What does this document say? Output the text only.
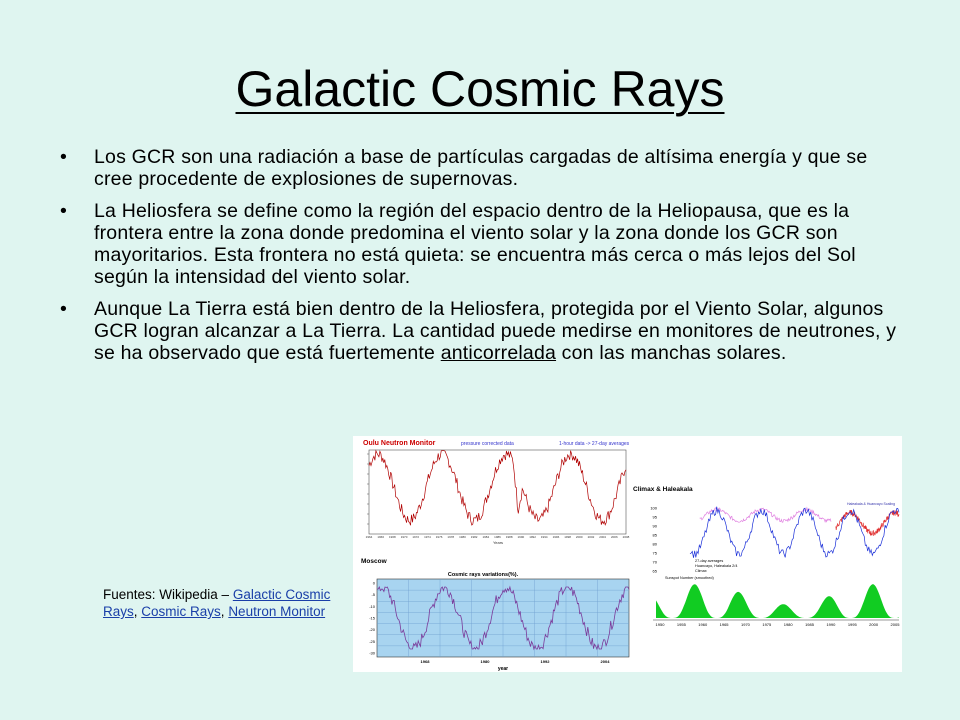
Galactic Cosmic Rays
• Los GCR son una radiación a base de partículas cargadas de altísima energía y que se cree procedente de explosiones de supernovas.
• La Heliosfera se define como la región del espacio dentro de la Heliopausa, que es la frontera entre la zona donde predomina el viento solar y la zona donde los GCR son mayoritarios. Esta frontera no está quieta: se encuentra más cerca o más lejos del Sol según la intensidad del viento solar.
• Aunque La Tierra está bien dentro de la Heliosfera, protegida por el Viento Solar, algunos GCR logran alcanzar a La Tierra. La cantidad puede medirse en monitores de neutrones, y se ha observado que está fuertemente anticorrelada con las manchas solares.
Oulu Neutron Monitor	pressure corrected data	1-hour data -> 27-day averages
1964 1966 1968 1970 1972 1974 1976 1978 1980 1982 1984 1986 1988 1990 1992 1994 1996 1998 2000 2002 2004 2006 2008
Years
Moscow
Cosmic rays variations(%).
0
-5
-10
-15
-20
-25
-30
1968	1980	1992	2004
year
Climax & Haleakala
Haleakala & Huancayo Scaling
100
95
90
85
80
75
70
65
27-day averages
Huancayo, Haleakala 2/4
Climax
Sunspot Number (smoothed)
1950	1955	1960	1965	1970	1975	1980	1985	1990	1995	2000	2005
Fuentes: Wikipedia – Galactic Cosmic Rays, Cosmic Rays, Neutron Monitor
